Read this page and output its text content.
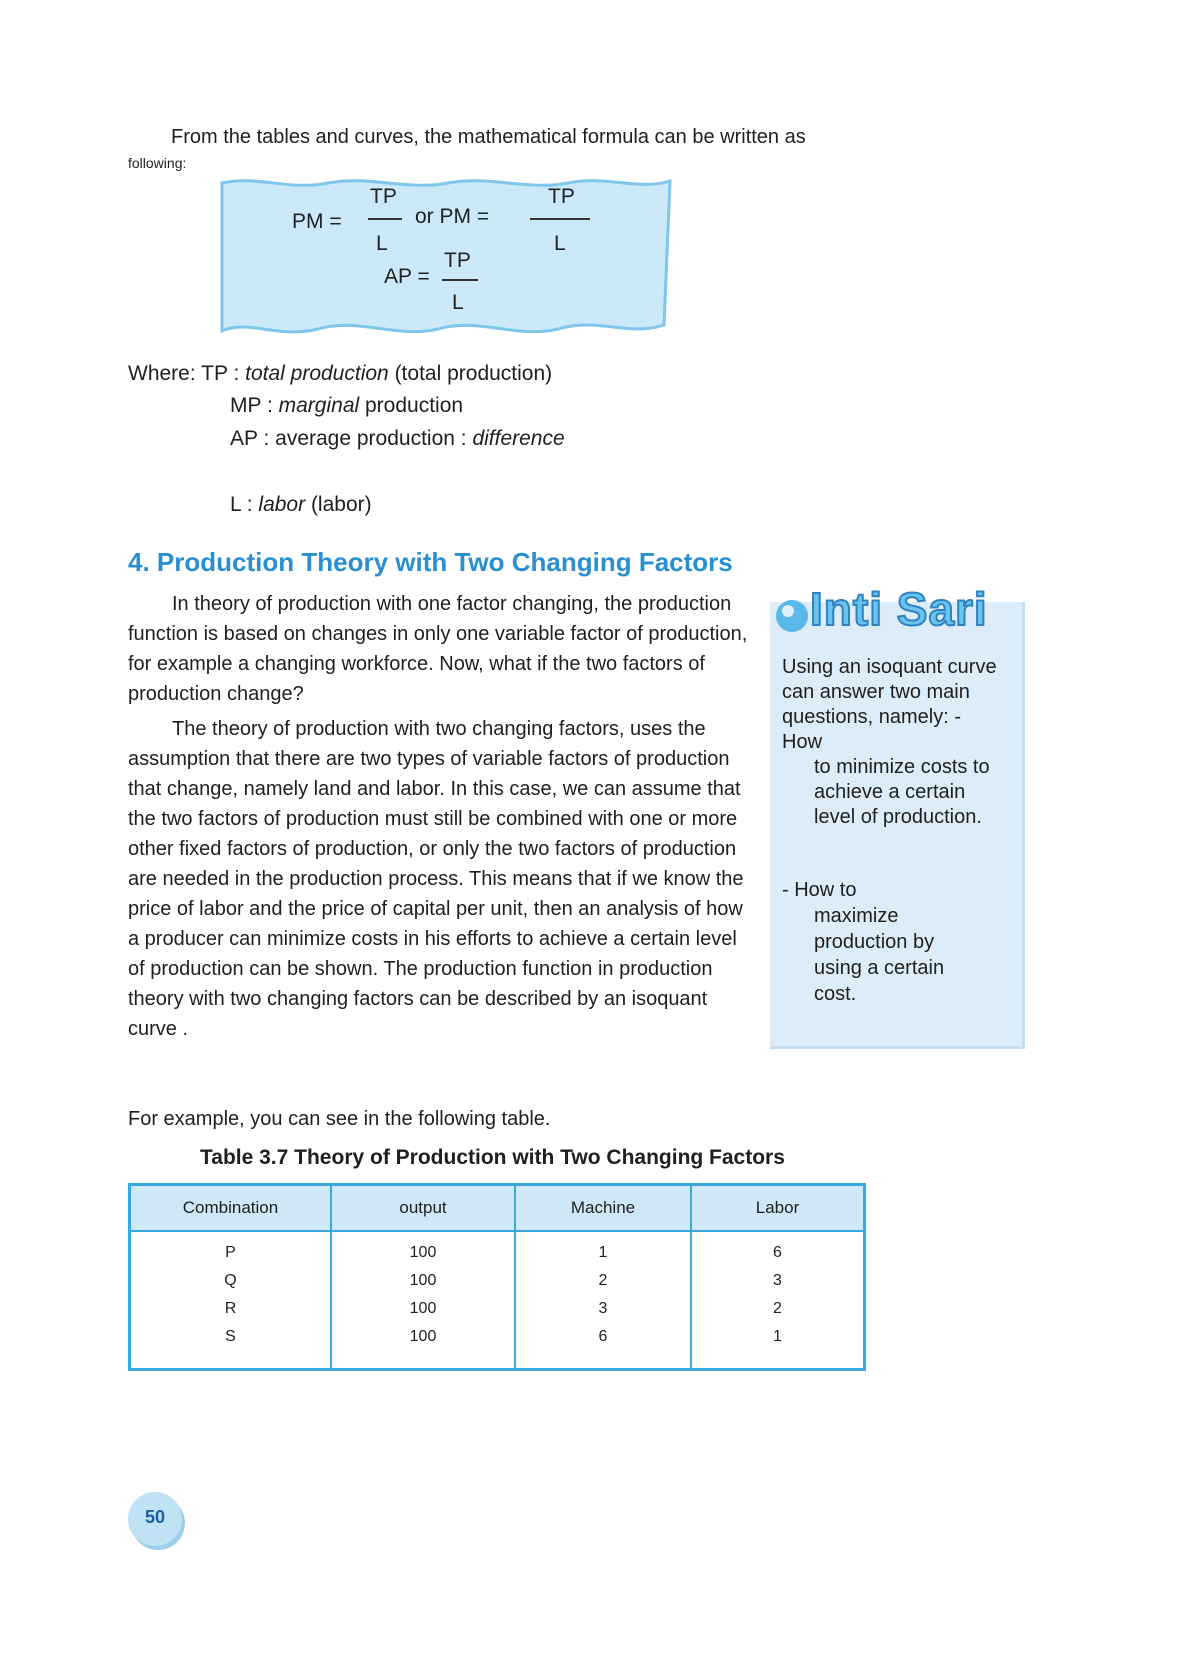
From the tables and curves, the mathematical formula can be written as
following:
PM =
TP
L
or PM =
TP
L
AP =
TP
L
Where: TP : total production (total production)
MP : marginal production
AP : average production : difference
L : labor (labor)
4. Production Theory with Two Changing Factors

In theory of production with one factor changing, the production function is based on changes in only one variable factor of production, for example a changing workforce. Now, what if the two factors of production change?

The theory of production with two changing factors, uses the assumption that there are two types of variable factors of production that change, namely land and labor. In this case, we can assume that the two factors of production must still be combined with one or more other fixed factors of production, or only the two factors of production are needed in the production process. This means that if we know the price of labor and the price of capital per unit, then an analysis of how a producer can minimize costs in his efforts to achieve a certain level of production can be shown. The production function in production theory with two changing factors can be described by an isoquant curve .

For example, you can see in the following table.

Inti Sari
Using an isoquant curve can answer two main questions, namely: - How
to minimize costs to achieve a certain level of production.
- How to
maximize production by using a certain cost.
Table 3.7 Theory of Production with Two Changing Factors
Combination	output	Machine	Labor
P	100	1	6
Q	100	2	3
R	100	3	2
S	100	6	1
50
